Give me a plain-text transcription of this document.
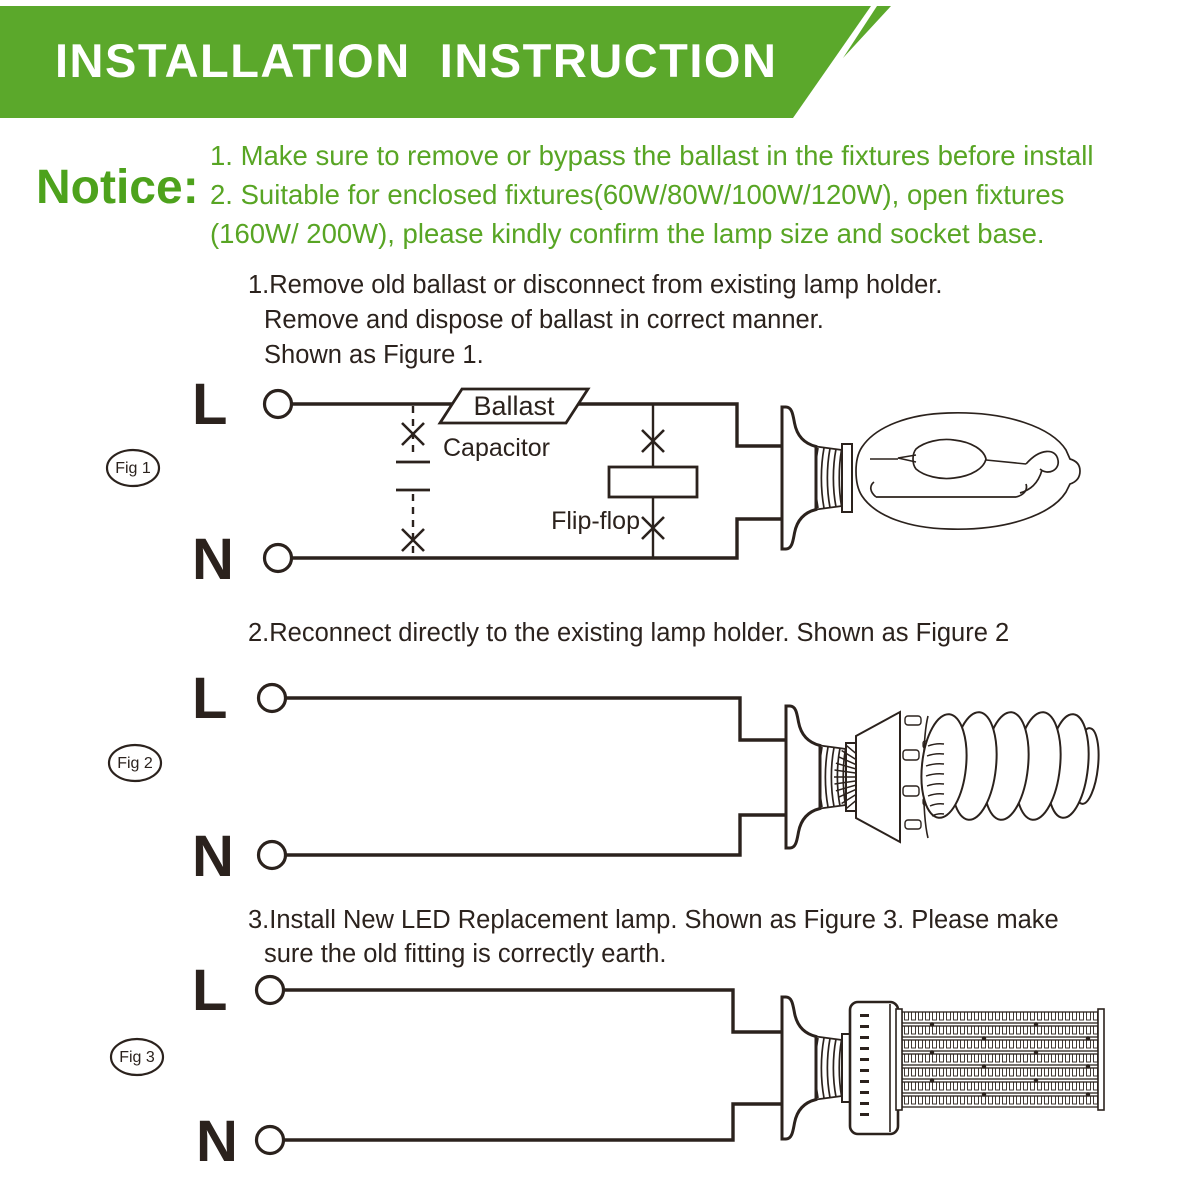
INSTALLATION  INSTRUCTION
Notice:
1. Make sure to remove or bypass the ballast in the fixtures before install
2. Suitable for enclosed fixtures(60W/80W/100W/120W), open fixtures
(160W/ 200W), please kindly confirm the lamp size and socket base.
1.Remove old ballast or disconnect from existing lamp holder.
Remove and dispose of ballast in correct manner.
Shown as Figure 1.
2.Reconnect directly to the existing lamp holder. Shown as Figure 2
3.Install New LED Replacement lamp. Shown as Figure 3. Please make
sure the old fitting is correctly earth.
Ballast
Capacitor
Flip-flop
L
N
Fig 1
L
N
Fig 2
L
N
Fig 3
